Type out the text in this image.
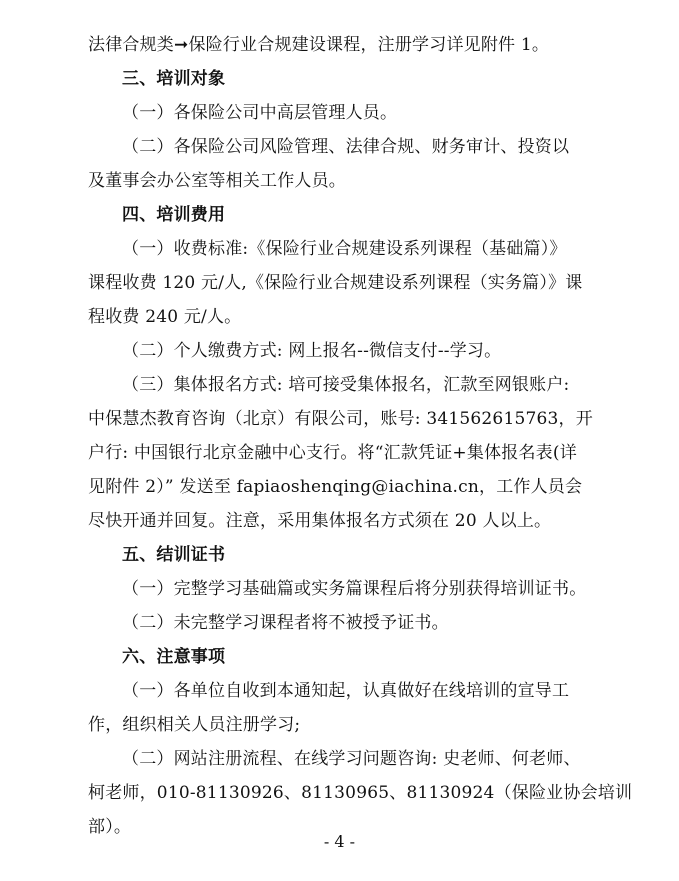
法律合规类➞保险行业合规建设课程，注册学习详见附件 1。
三、培训对象
（一）各保险公司中高层管理人员。
（二）各保险公司风险管理、法律合规、财务审计、投资以
及董事会办公室等相关工作人员。
四、培训费用
（一）收费标准:《保险行业合规建设系列课程（基础篇）》
课程收费 120 元/人,《保险行业合规建设系列课程（实务篇）》课
程收费 240 元/人。
（二）个人缴费方式: 网上报名--微信支付--学习。
（三）集体报名方式: 培可接受集体报名，汇款至网银账户:
中保慧杰教育咨询（北京）有限公司，账号: 341562615763，开
户行: 中国银行北京金融中心支行。将“汇款凭证+集体报名表(详
见附件 2）” 发送至 fapiaoshenqing@iachina.cn，工作人员会
尽快开通并回复。注意，采用集体报名方式须在 20 人以上。
五、结训证书
（一）完整学习基础篇或实务篇课程后将分别获得培训证书。
（二）未完整学习课程者将不被授予证书。
六、注意事项
（一）各单位自收到本通知起，认真做好在线培训的宣导工
作，组织相关人员注册学习;
（二）网站注册流程、在线学习问题咨询: 史老师、何老师、
柯老师，010-81130926、81130965、81130924（保险业协会培训
部）。
- 4 -
